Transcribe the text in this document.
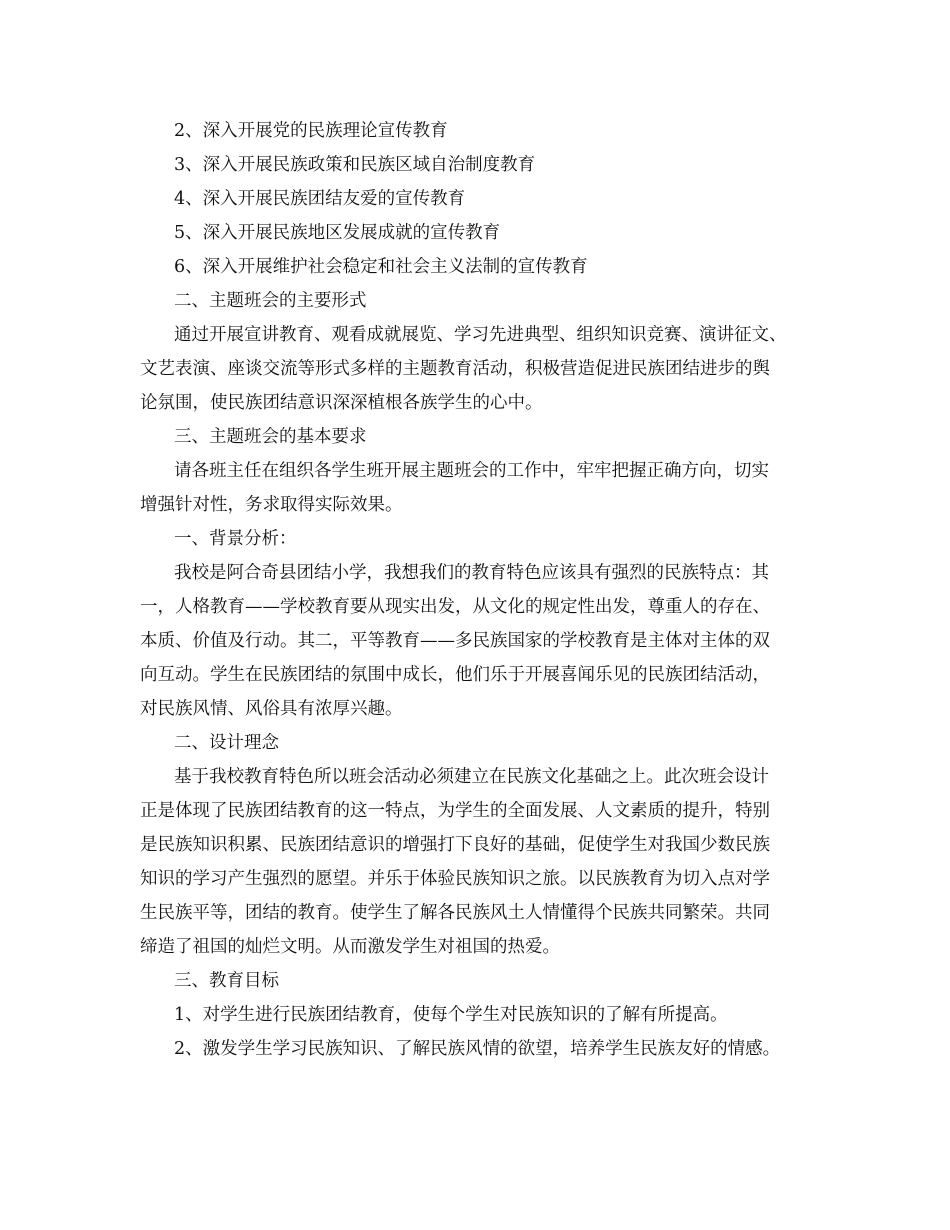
2、深入开展党的民族理论宣传教育
3、深入开展民族政策和民族区域自治制度教育
4、深入开展民族团结友爱的宣传教育
5、深入开展民族地区发展成就的宣传教育
6、深入开展维护社会稳定和社会主义法制的宣传教育
二、主题班会的主要形式
通过开展宣讲教育、观看成就展览、学习先进典型、组织知识竞赛、演讲征文、
文艺表演、座谈交流等形式多样的主题教育活动，积极营造促进民族团结进步的舆
论氛围，使民族团结意识深深植根各族学生的心中。
三、主题班会的基本要求
请各班主任在组织各学生班开展主题班会的工作中，牢牢把握正确方向，切实
增强针对性，务求取得实际效果。
一、背景分析：
我校是阿合奇县团结小学，我想我们的教育特色应该具有强烈的民族特点：其
一，人格教育——学校教育要从现实出发，从文化的规定性出发，尊重人的存在、
本质、价值及行动。其二，平等教育——多民族国家的学校教育是主体对主体的双
向互动。学生在民族团结的氛围中成长，他们乐于开展喜闻乐见的民族团结活动，
对民族风情、风俗具有浓厚兴趣。
二、设计理念
基于我校教育特色所以班会活动必须建立在民族文化基础之上。此次班会设计
正是体现了民族团结教育的这一特点，为学生的全面发展、人文素质的提升，特别
是民族知识积累、民族团结意识的增强打下良好的基础，促使学生对我国少数民族
知识的学习产生强烈的愿望。并乐于体验民族知识之旅。以民族教育为切入点对学
生民族平等，团结的教育。使学生了解各民族风土人情懂得个民族共同繁荣。共同
缔造了祖国的灿烂文明。从而激发学生对祖国的热爱。
三、教育目标
1、对学生进行民族团结教育，使每个学生对民族知识的了解有所提高。
2、激发学生学习民族知识、了解民族风情的欲望，培养学生民族友好的情感。
